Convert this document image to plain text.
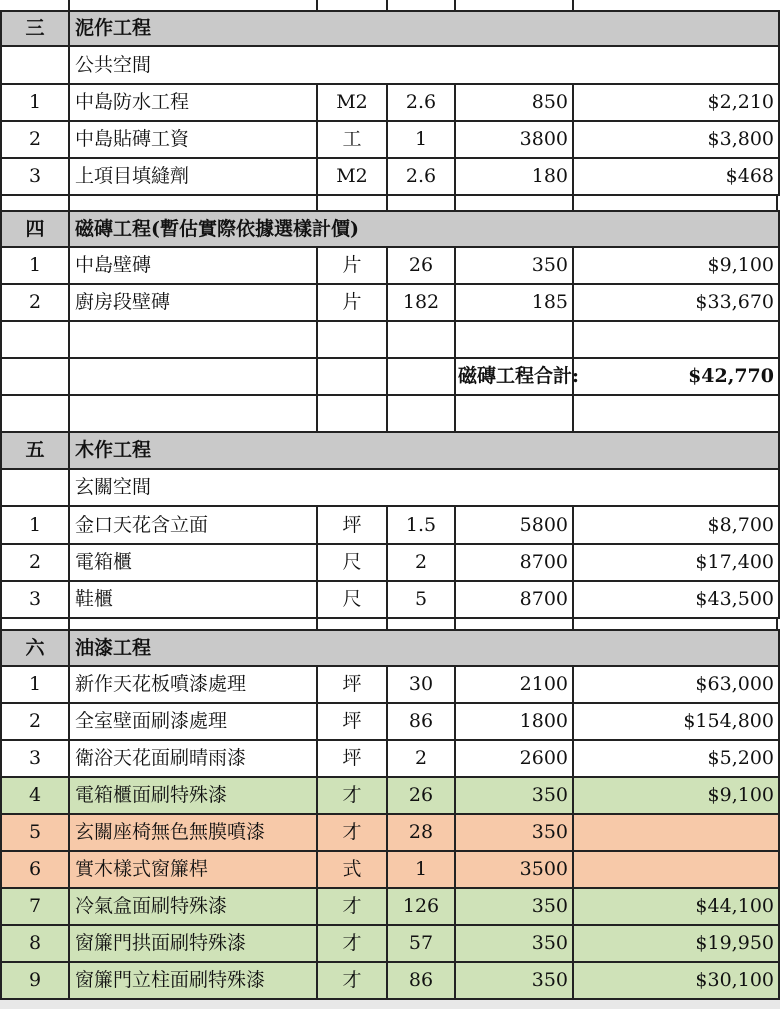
三	泥作工程
公共空間
1	中島防水工程	M2	2.6	850	$2,210
2	中島貼磚工資	工	1	3800	$3,800
3	上項目填縫劑	M2	2.6	180	$468
四	磁磚工程(暫估實際依據選樣計價)
1	中島壁磚	片	26	350	$9,100
2	廚房段壁磚	片	182	185	$33,670
磁磚工程合計:	$42,770
五	木作工程
玄關空間
1	金口天花含立面	坪	1.5	5800	$8,700
2	電箱櫃	尺	2	8700	$17,400
3	鞋櫃	尺	5	8700	$43,500
六	油漆工程
1	新作天花板噴漆處理	坪	30	2100	$63,000
2	全室壁面刷漆處理	坪	86	1800	$154,800
3	衛浴天花面刷晴雨漆	坪	2	2600	$5,200
4	電箱櫃面刷特殊漆	才	26	350	$9,100
5	玄關座椅無色無膜噴漆	才	28	350
6	實木樣式窗簾桿	式	1	3500
7	冷氣盒面刷特殊漆	才	126	350	$44,100
8	窗簾門拱面刷特殊漆	才	57	350	$19,950
9	窗簾門立柱面刷特殊漆	才	86	350	$30,100
